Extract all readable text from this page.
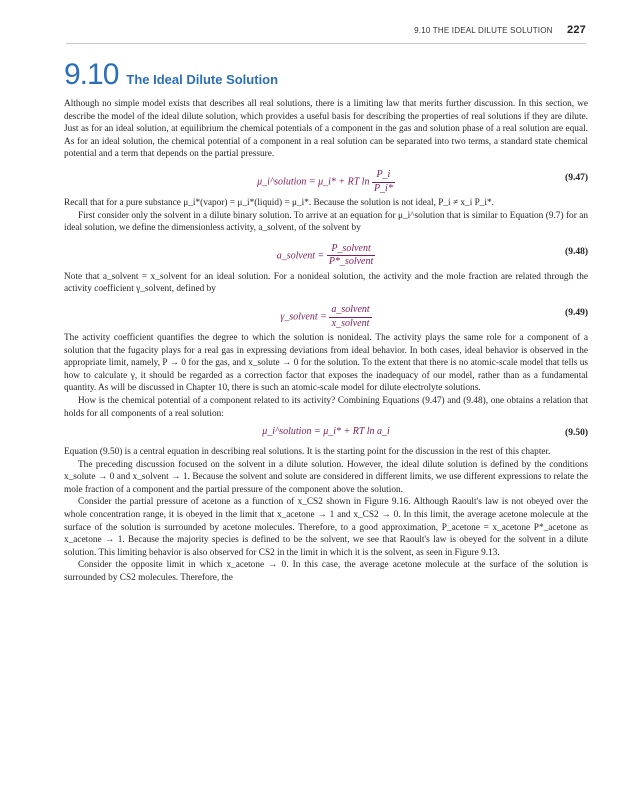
9.10 THE IDEAL DILUTE SOLUTION 227
9.10 The Ideal Dilute Solution

Although no simple model exists that describes all real solutions, there is a limiting law that merits further discussion. In this section, we describe the model of the ideal dilute solution, which provides a useful basis for describing the properties of real solutions if they are dilute. Just as for an ideal solution, at equilibrium the chemical potentials of a component in the gas and solution phase of a real solution are equal. As for an ideal solution, the chemical potential of a component in a real solution can be separated into two terms, a standard state chemical potential and a term that depends on the partial pressure.

μ_i^solution = μ_i* + RT $\ln \frac{P\_i}{P\_i*}$	(9.47)

Recall that for a pure substance μ_i*(vapor) = μ_i*(liquid) = μ_i*. Because the solution is not ideal, P_i ≠ x_i P_i*.

First consider only the solvent in a dilute binary solution. To arrive at an equation for μ_i^solution that is similar to Equation (9.7) for an ideal solution, we define the dimensionless activity, a_solvent, of the solvent by

a_solvent = $\frac{\text{P\_solvent}}{\text{P*\_solvent}}$	(9.48)

Note that a_solvent = x_solvent for an ideal solution. For a nonideal solution, the activity and the mole fraction are related through the activity coefficient γ_solvent, defined by

γ_solvent = $\frac{\text{a\_solvent}}{\text{x\_solvent}}$	(9.49)

The activity coefficient quantifies the degree to which the solution is nonideal. The activity plays the same role for a component of a solution that the fugacity plays for a real gas in expressing deviations from ideal behavior. In both cases, ideal behavior is observed in the appropriate limit, namely, P → 0 for the gas, and x_solute → 0 for the solution. To the extent that there is no atomic-scale model that tells us how to calculate γ, it should be regarded as a correction factor that exposes the inadequacy of our model, rather than as a fundamental quantity. As will be discussed in Chapter 10, there is such an atomic-scale model for dilute electrolyte solutions.

How is the chemical potential of a component related to its activity? Combining Equations (9.47) and (9.48), one obtains a relation that holds for all components of a real solution:

μ_i^solution = μ_i* + RT ln a_i	(9.50)

Equation (9.50) is a central equation in describing real solutions. It is the starting point for the discussion in the rest of this chapter.

The preceding discussion focused on the solvent in a dilute solution. However, the ideal dilute solution is defined by the conditions x_solute → 0 and x_solvent → 1. Because the solvent and solute are considered in different limits, we use different expressions to relate the mole fraction of a component and the partial pressure of the component above the solution.

Consider the partial pressure of acetone as a function of x_CS2 shown in Figure 9.16. Although Raoult's law is not obeyed over the whole concentration range, it is obeyed in the limit that x_acetone → 1 and x_CS2 → 0. In this limit, the average acetone molecule at the surface of the solution is surrounded by acetone molecules. Therefore, to a good approximation, P_acetone = x_acetone P*_acetone as x_acetone → 1. Because the majority species is defined to be the solvent, we see that Raoult's law is obeyed for the solvent in a dilute solution. This limiting behavior is also observed for CS2 in the limit in which it is the solvent, as seen in Figure 9.13.

Consider the opposite limit in which x_acetone → 0. In this case, the average acetone molecule at the surface of the solution is surrounded by CS2 molecules. Therefore, the
